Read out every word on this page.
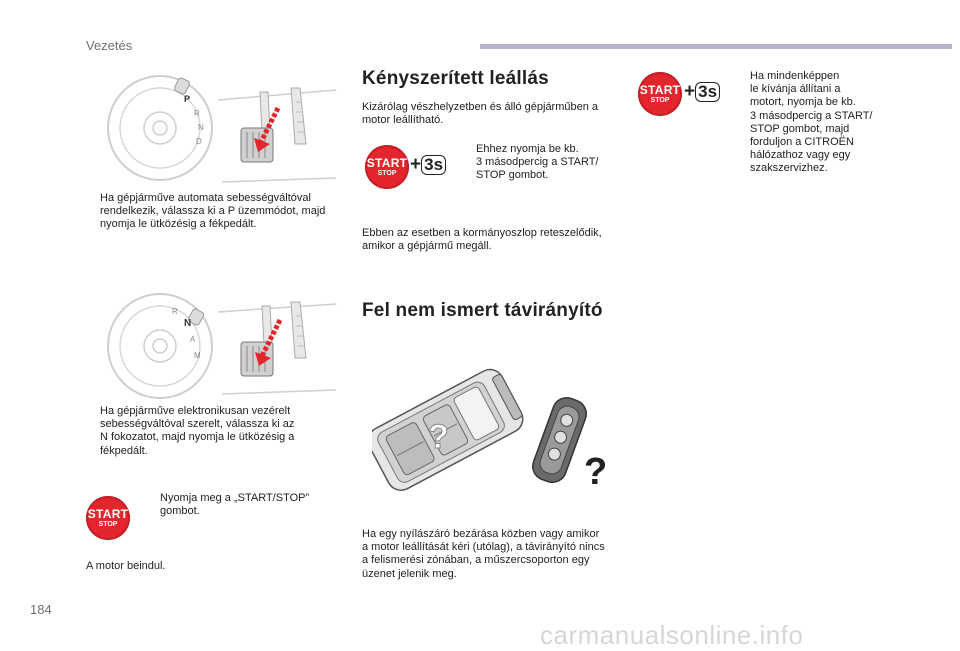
Vezetés
P
R
N
D
Ha gépjárműve automata sebességváltóval
rendelkezik, válassza ki a P üzemmódot, majd
nyomja le ütközésig a fékpedált.
R
N
A
M
Ha gépjárműve elektronikusan vezérelt
sebességváltóval szerelt, válassza ki az
N fokozatot, majd nyomja le ütközésig a
fékpedált.
START
STOP
Nyomja meg a „START/STOP”
gombot.
A motor beindul.
Kényszerített leállás
Kizárólag vészhelyzetben és álló gépjárműben a
motor leállítható.
START
STOP + 3s
Ehhez nyomja be kb.
3 másodpercig a START/
STOP gombot.
Ebben az esetben a kormányoszlop reteszelődik,
amikor a gépjármű megáll.
Fel nem ismert távirányító
?
?
Ha egy nyílászáró bezárása közben vagy amikor
a motor leállítását kéri (utólag), a távirányító nincs
a felismerési zónában, a műszercsoporton egy
üzenet jelenik meg.
START
STOP + 3s
Ha mindenképpen
le kívánja állítani a
motort, nyomja be kb.
3 másodpercig a START/
STOP gombot, majd
forduljon a CITROËN
hálózathoz vagy egy
szakszervizhez.
184
carmanualsonline.info
